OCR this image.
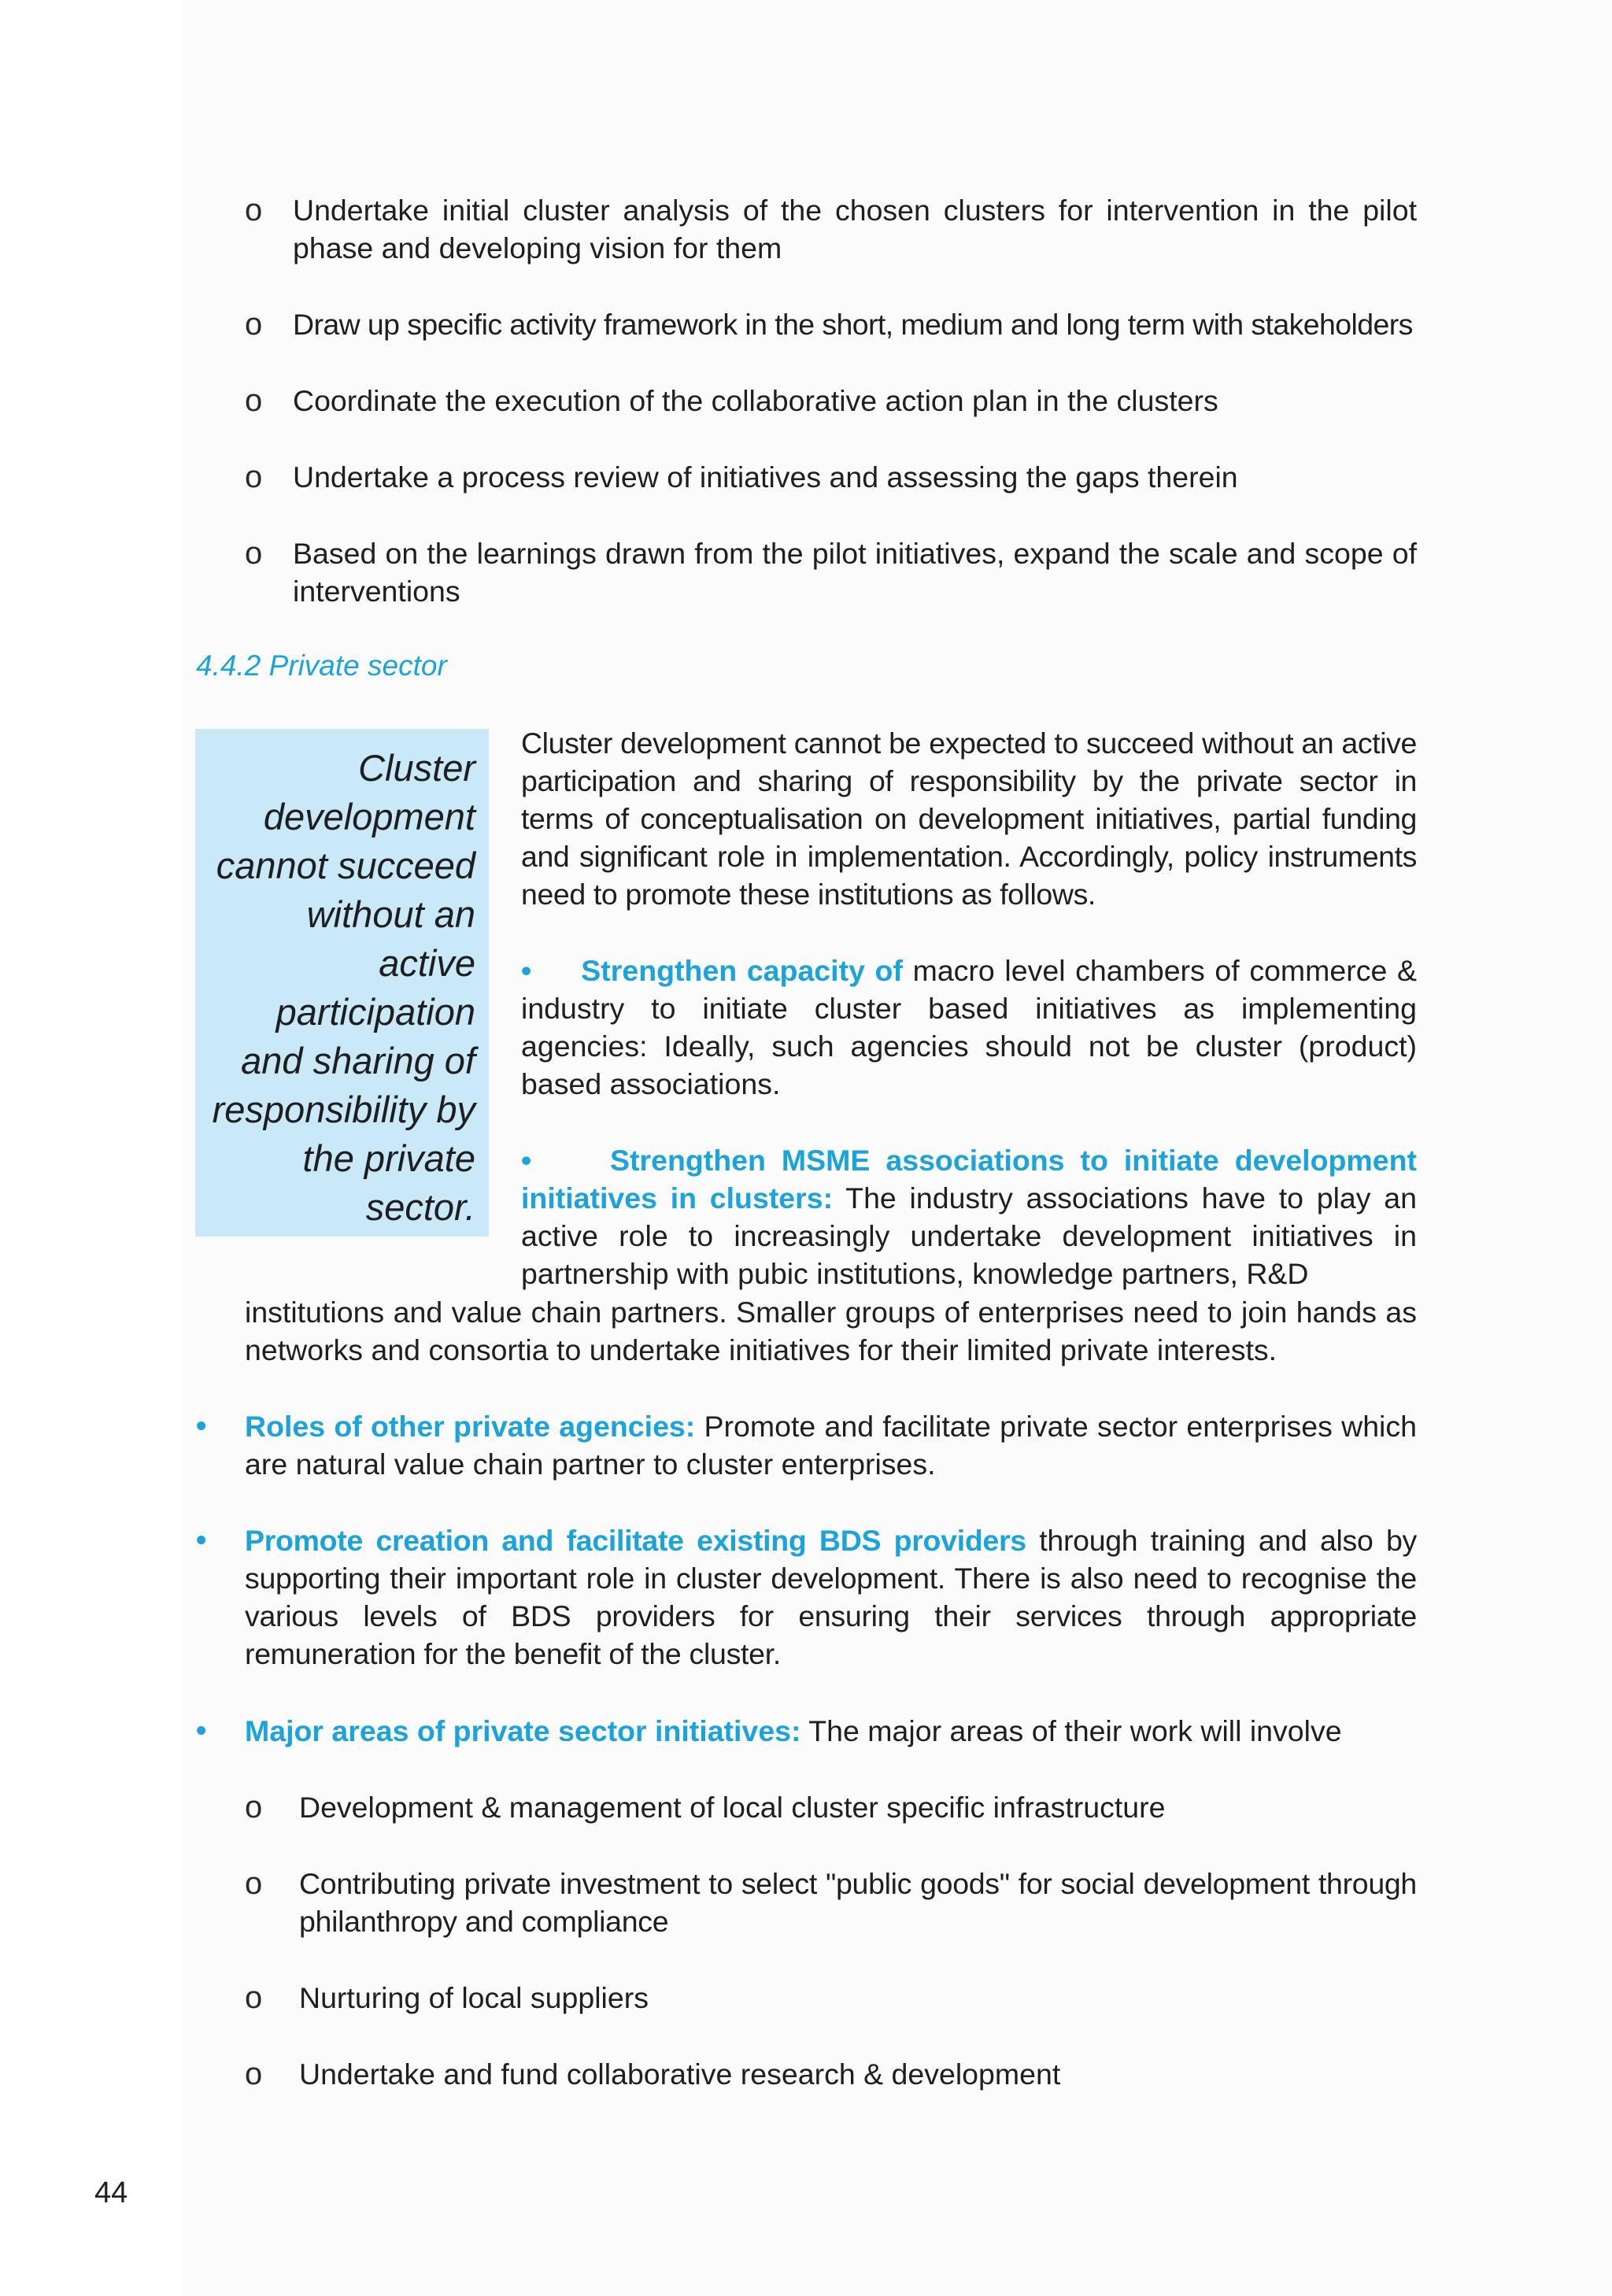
o Undertake initial cluster analysis of the chosen clusters for intervention in the pilot phase and developing vision for them
o Draw up specific activity framework in the short, medium and long term with stakeholders
o Coordinate the execution of the collaborative action plan in the clusters
o Undertake a process review of initiatives and assessing the gaps therein
o Based on the learnings drawn from the pilot initiatives, expand the scale and scope of interventions
4.4.2 Private sector
Cluster
development
cannot succeed
without an
active
participation
and sharing of
responsibility by
the private
sector.
Cluster development cannot be expected to succeed without an active participation and sharing of responsibility by the private sector in terms of conceptualisation on development initiatives, partial funding and significant role in implementation. Accordingly, policy instruments need to promote these institutions as follows.
• Strengthen capacity of macro level chambers of commerce & industry to initiate cluster based initiatives as implementing agencies: Ideally, such agencies should not be cluster (product) based associations.
•	Strengthen MSME associations to initiate development initiatives in clusters: The industry associations have to play an active role to increasingly undertake development initiatives in partnership with pubic institutions, knowledge partners, R&D
institutions and value chain partners. Smaller groups of enterprises need to join hands as networks and consortia to undertake initiatives for their limited private interests.
• Roles of other private agencies: Promote and facilitate private sector enterprises which are natural value chain partner to cluster enterprises.
• Promote creation and facilitate existing BDS providers through training and also by supporting their important role in cluster development. There is also need to recognise the various levels of BDS providers for ensuring their services through appropriate remuneration for the benefit of the cluster.
• Major areas of private sector initiatives: The major areas of their work will involve
o Development & management of local cluster specific infrastructure
o Contributing private investment to select "public goods" for social development through philanthropy and compliance
o Nurturing of local suppliers
o Undertake and fund collaborative research & development
44
